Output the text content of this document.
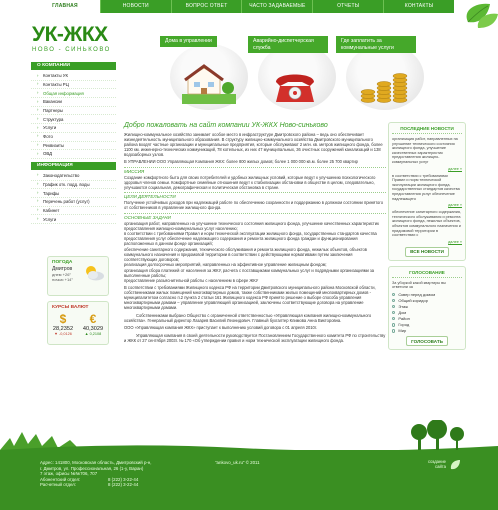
ГЛАВНАЯ	НОВОСТИ	ВОПРОС ОТВЕТ	ЧАСТО ЗАДАВАЕМЫЕ ВОПРОСЫ
ОТЧЕТЫ	КОНТАКТЫ
УК-ЖКХ
НОВО - СИНЬКОВО
Дома в управлении	Аварийно-диспетчерская служба
Где заплатить за коммунальные услуги
О КОМПАНИИ
› Контакты УК
› Контакты РЦ
› Общая информация
› Вакансии
› Партнеры
› Структура
› Услуги
› Фото
› Реквизиты
› ОВД
ИНФОРМАЦИЯ
› Законодательство
› График отк. подд. воды
› Тарифы
› Перечень работ (услуг)
› Кабинет
› Услуги
ПОГОДА
Дмитров
днем +26°
ночью +14°
КУРСЫ ВАЛЮТ
$
28,2352
▼ -0,0126
€
40,3029
▲ 0,2108
Добро пожаловать на сайт компании УК-ЖКХ Ново-синьково

Жилищно-коммунальное хозяйство занимает особое место в инфраструктуре Дмитровского района – ведь оно обеспечивает жизнедеятельность муниципального образования. В структуру жилищно-коммунального хозяйства Дмитровского муниципального района входят частные организации и муниципальные предприятия, которые обслуживают 2 млн. кв. метров жилищного фонда, более 1100 км. инженерно-технических коммуникаций, 78 котельных, из них 47 муниципальных, 36 очистных сооружений канализаций и 138 водозаборных узлов.

В УПРАВЛЕНИИ ООО Управляющая Компания ЖКХ: более 800 жилых домов; более 1 000 000 кв.м. более 25 700 квартир

МИССИЯ

Создание комфортного быта для своих потребителей и удобных жилищных условий, которые ведут к улучшению психологического здоровья членов семьи. Комфортные семейные отношения ведут к стабилизации обстановки в обществе в целом, следовательно, улучшаются социальная, демографическая и политическая обстановка в стране.

ЦЕЛИ ДЕЯТЕЛЬНОСТИ

Получение устойчивых доходов при надлежащей работе по обеспечению сохранности и поддержанию в должном состоянии принятого от собственников в управление жилищного фонда.

ОСНОВНЫЕ ЗАДАЧИ

организация работ, направленных на улучшение технического состояния жилищного фонда, улучшение качественных характеристик предоставления жилищно-коммунальных услуг населению;

в соответствии с требованиями Правил и норм технической эксплуатации жилищного фонда, государственных стандартов качества предоставления услуг обеспечение надлежащего содержания и ремонта жилищного фонда граждан и функционирования расположенных в данном фонде организаций;

обеспечение санитарного содержания, технического обслуживания и ремонта жилищного фонда, нежилых объектов, объектов коммунального назначения и придомовой территории в соответствии с действующими нормативами путем заключения соответствующих договоров;

реализация долгосрочных мероприятий, направленных на эффективное управление жилищным фондом;

организация сбора платежей от населения за ЖКУ, расчета с поставщиками коммунальных услуг и подрядными организациями за выполненные работы;

предоставление разъяснительной работы с населением в сфере ЖКУ

В соответствии с требованиями Жилищного кодекса РФ на территории Дмитровского муниципального района Московской области, собственниками жилых помещений многоквартирных домов, также собственниками жилых помещений многоквартирных домов - муниципалитетом согласно п.2 пункта 2 статьи 161 Жилищного кодекса РФ принято решение о выборе способа управления многоквартирными домами – управление управляющей организацией, заключены соответствующие договора на управление многоквартирными домами.

Собственниками выбрано Общество с ограниченной ответственностью «Управляющая компания жилищно-коммунального хозяйства». Генеральный директор Лазарев Василий Леонидович. Главный бухгалтер Климова Анна Викторовна.

ООО «Управляющая компания ЖКХ» приступает к выполнению условий договора с 01 апреля 2010г.

Управляющая компания в своей деятельности руководствуется Постановлением Государственного комитета РФ по строительству и ЖКК от 27 сентября 2003г. № 170 «Об утверждении правил и норм технической эксплуатации жилищного фонда.

ПОСЛЕДНИЕ НОВОСТИ
организация работ, направленных на улучшение технического состояния жилищного фонда, улучшение качественных характеристик предоставления жилищно-коммунальных услуг
далее »
в соответствии с требованиями Правил и норм технической эксплуатации жилищного фонда, государственных стандартов качества предоставления услуг обеспечение надлежащего
далее »
обеспечение санитарного содержания, технического обслуживания и ремонта жилищного фонда, нежилых объектов, объектов коммунального назначения и придомовой территории в соответствии с
далее »
ВСЕ НОВОСТИ
ГОЛОСОВАНИЕ
За уборкой какой квартиры вы ответили за
Сквер перед домом
Общий коридор
Этаж
Дом
Район
Город
Мир
ГОЛОСОВАТЬ
Адрес: 141800, Московская область, Дмитровский р-н,
г. Дмитров, ул. Профессиональная, 26 (1-у, Варан)
7 этаж, офисы №№706, 707
Абонентский отдел:	8 (222) 3-22-44
Расчетный отдел:	8 (222) 3-22-44
"ankovo_uk.ru" © 2011	создание сайта
